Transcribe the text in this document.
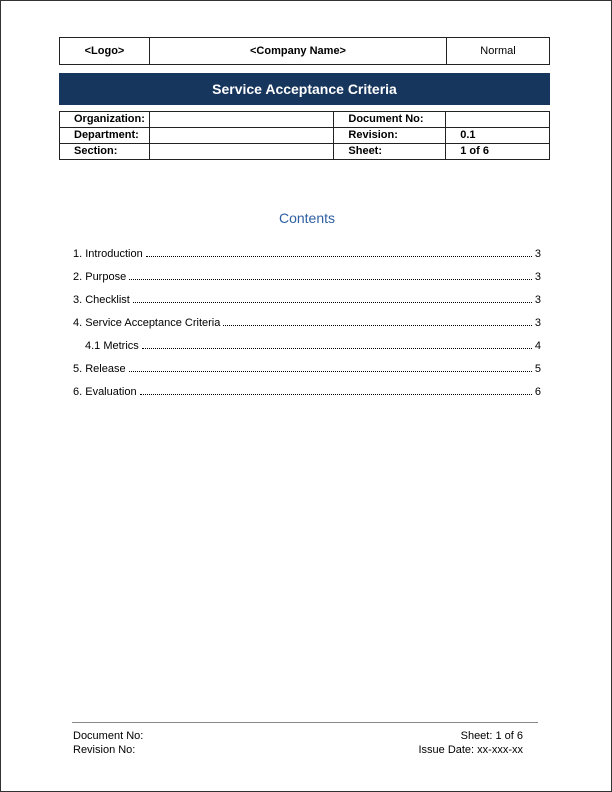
<Logo>	<Company Name>	Normal
Service Acceptance Criteria
Organization:		Document No:	
Department:		Revision:	0.1
Section:		Sheet:	1 of 6
Contents
1. Introduction	3
2. Purpose	3
3. Checklist	3
4. Service Acceptance Criteria	3
4.1 Metrics	4
5. Release	5
6. Evaluation	6
Document No:	Sheet: 1 of 6
Revision No:	Issue Date: xx-xxx-xx
